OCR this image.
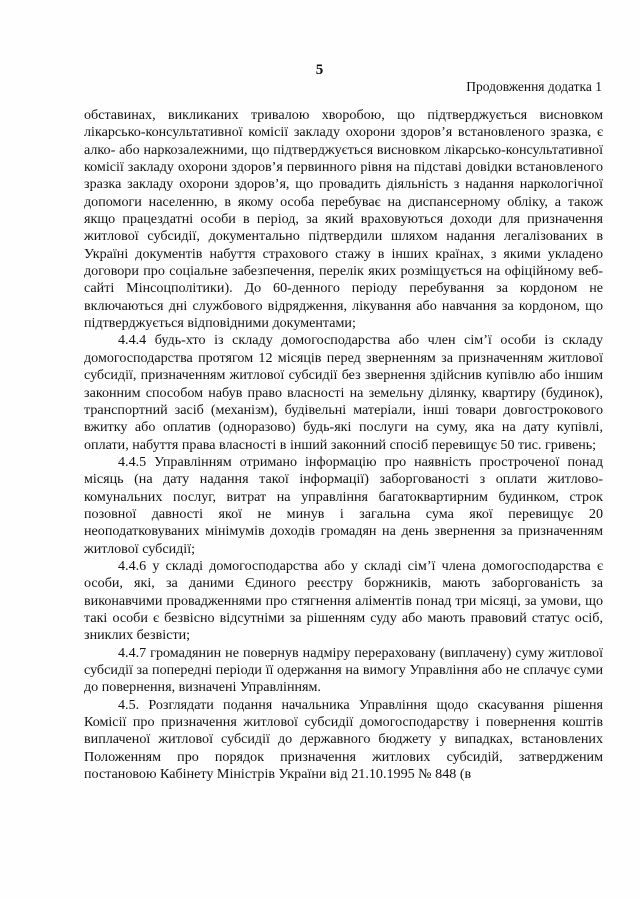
5
Продовження додатка 1

обставинах, викликаних тривалою хворобою, що підтверджується висновком лікарсько-консультативної комісії закладу охорони здоров’я встановленого зразка, є алко- або наркозалежними, що підтверджується висновком лікарсько-консультативної комісії закладу охорони здоров’я первинного рівня на підставі довідки встановленого зразка закладу охорони здоров’я, що провадить діяльність з надання наркологічної допомоги населенню, в якому особа перебуває на диспансерному обліку, а також якщо працездатні особи в період, за який враховуються доходи для призначення житлової субсидії, документально підтвердили шляхом надання легалізованих в Україні документів набуття страхового стажу в інших країнах, з якими укладено договори про соціальне забезпечення, перелік яких розміщується на офіційному веб-сайті Мінсоцполітики). До 60-денного періоду перебування за кордоном не включаються дні службового відрядження, лікування або навчання за кордоном, що підтверджується відповідними документами;

4.4.4 будь-хто із складу домогосподарства або член сім’ї особи із складу домогосподарства протягом 12 місяців перед зверненням за призначенням житлової субсидії, призначенням житлової субсидії без звернення здійснив купівлю або іншим законним способом набув право власності на земельну ділянку, квартиру (будинок), транспортний засіб (механізм), будівельні матеріали, інші товари довгострокового вжитку або оплатив (одноразово) будь-які послуги на суму, яка на дату купівлі, оплати, набуття права власності в інший законний спосіб перевищує 50 тис. гривень;

4.4.5 Управлінням отримано інформацію про наявність простроченої понад місяць (на дату надання такої інформації) заборгованості з оплати житлово-комунальних послуг, витрат на управління багатоквартирним будинком, строк позовної давності якої не минув і загальна сума якої перевищує 20 неоподатковуваних мінімумів доходів громадян на день звернення за призначенням житлової субсидії;

4.4.6 у складі домогосподарства або у складі сім’ї члена домогосподарства є особи, які, за даними Єдиного реєстру боржників, мають заборгованість за виконавчими провадженнями про стягнення аліментів понад три місяці, за умови, що такі особи є безвісно відсутніми за рішенням суду або мають правовий статус осіб, зниклих безвісти;

4.4.7 громадянин не повернув надміру перераховану (виплачену) суму житлової субсидії за попередні періоди її одержання на вимогу Управління або не сплачує суми до повернення, визначені Управлінням.

4.5. Розглядати подання начальника Управління щодо скасування рішення Комісії про призначення житлової субсидії домогосподарству і повернення коштів виплаченої житлової субсидії до державного бюджету у випадках, встановлених Положенням про порядок призначення житлових субсидій, затвердженим постановою Кабінету Міністрів України від 21.10.1995 № 848 (в
